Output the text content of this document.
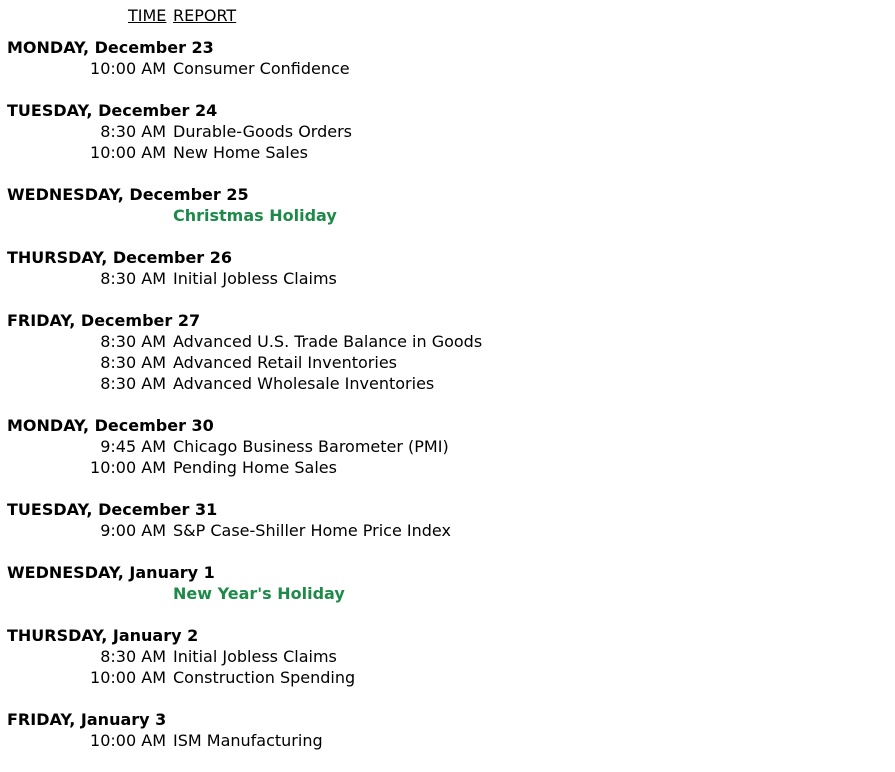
TIME REPORT
MONDAY, December 23
10:00 AM Consumer Confidence
TUESDAY, December 24
8:30 AM Durable-Goods Orders
10:00 AM New Home Sales
WEDNESDAY, December 25
Christmas Holiday
THURSDAY, December 26
8:30 AM Initial Jobless Claims
FRIDAY, December 27
8:30 AM Advanced U.S. Trade Balance in Goods
8:30 AM Advanced Retail Inventories
8:30 AM Advanced Wholesale Inventories
MONDAY, December 30
9:45 AM Chicago Business Barometer (PMI)
10:00 AM Pending Home Sales
TUESDAY, December 31
9:00 AM S&P Case-Shiller Home Price Index
WEDNESDAY, January 1
New Year's Holiday
THURSDAY, January 2
8:30 AM Initial Jobless Claims
10:00 AM Construction Spending
FRIDAY, January 3
10:00 AM ISM Manufacturing
